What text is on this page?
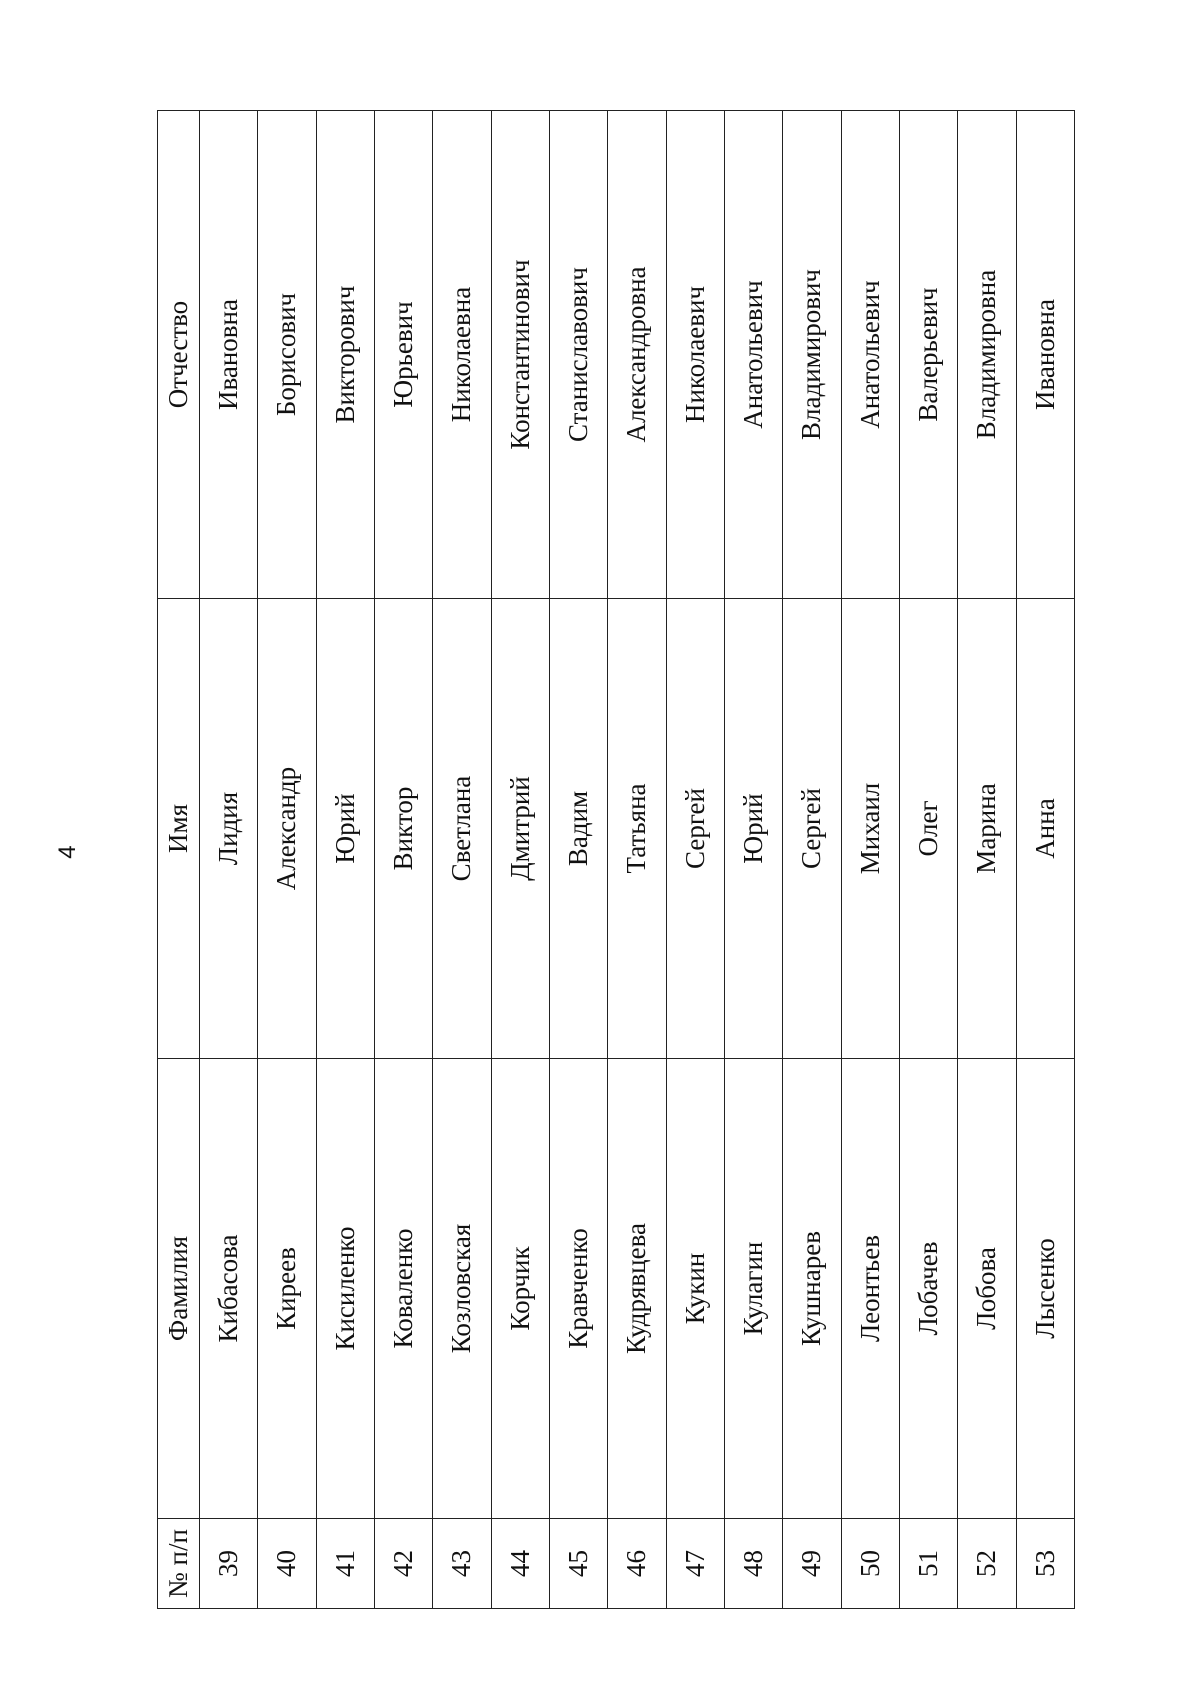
4
№ п/п	Фамилия	Имя	Отчество
39	Кибасова	Лидия	Ивановна
40	Киреев	Александр	Борисович
41	Кисиленко	Юрий	Викторович
42	Коваленко	Виктор	Юрьевич
43	Козловская	Светлана	Николаевна
44	Корчик	Дмитрий	Константинович
45	Кравченко	Вадим	Станиславович
46	Кудрявцева	Татьяна	Александровна
47	Кукин	Сергей	Николаевич
48	Кулагин	Юрий	Анатольевич
49	Кушнарев	Сергей	Владимирович
50	Леонтьев	Михаил	Анатольевич
51	Лобачев	Олег	Валерьевич
52	Лобова	Марина	Владимировна
53	Лысенко	Анна	Ивановна
